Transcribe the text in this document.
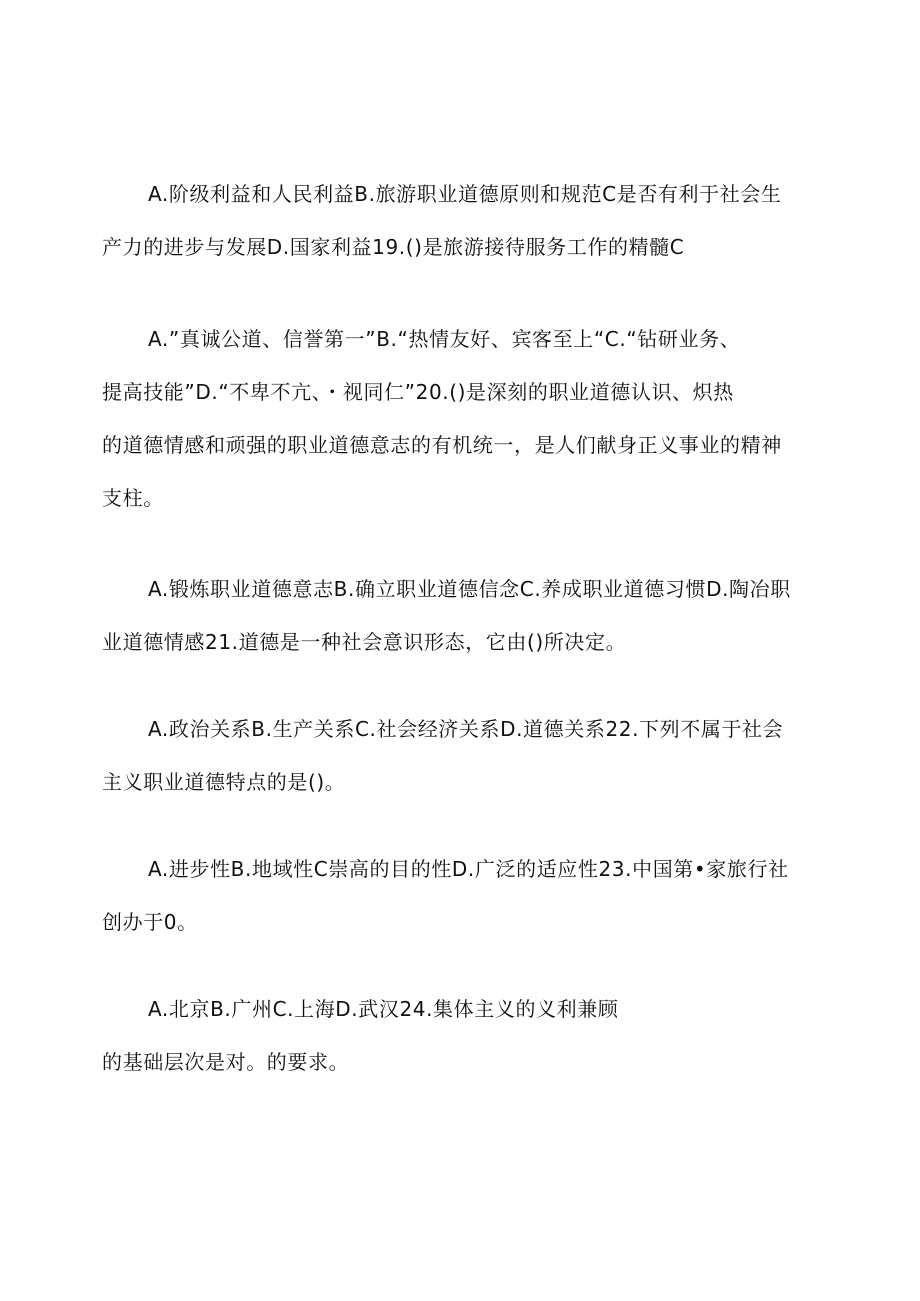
A.阶级利益和人民利益B.旅游职业道德原则和规范C是否有利于社会生
产力的进步与发展D.国家利益19.()是旅游接待服务工作的精髓C
A.”真诚公道、信誉第一”B.“热情友好、宾客至上“C.“钻研业务、
提高技能”D.“不卑不亢、・视同仁”20.()是深刻的职业道德认识、炽热
的道德情感和顽强的职业道德意志的有机统一，是人们献身正义事业的精神
支柱。
A.锻炼职业道德意志B.确立职业道德信念C.养成职业道德习惯D.陶冶职
业道德情感21.道德是一种社会意识形态，它由()所决定。
A.政治关系B.生产关系C.社会经济关系D.道德关系22.下列不属于社会
主义职业道德特点的是()。
A.进步性B.地域性C崇高的目的性D.广泛的适应性23.中国第•家旅行社
创办于0。
A.北京B.广州C.上海D.武汉24.集体主义的义利兼顾
的基础层次是对。的要求。
